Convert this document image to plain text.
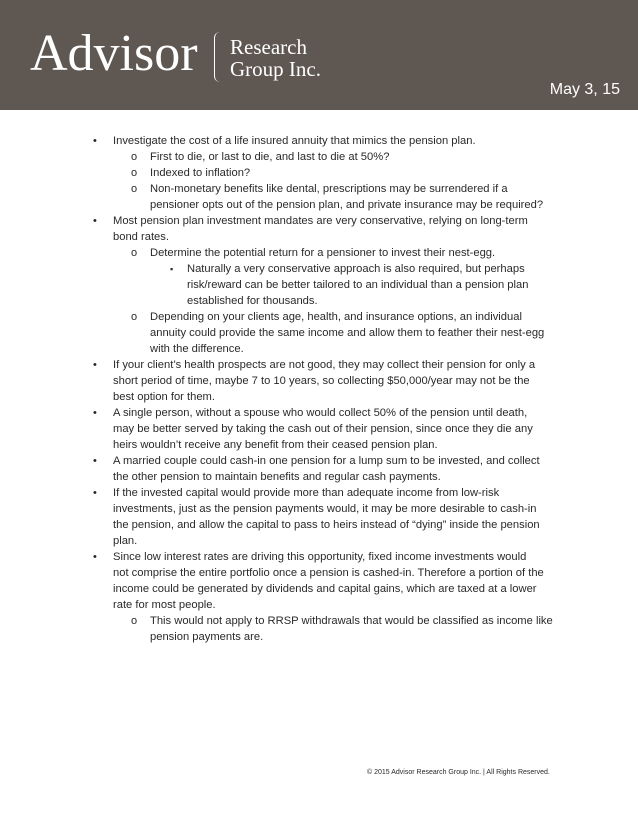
Advisor Research
Group Inc.
May 3, 15
• Investigate the cost of a life insured annuity that mimics the pension plan.
o First to die, or last to die, and last to die at 50%?
o Indexed to inflation?
o Non-monetary benefits like dental, prescriptions may be surrendered if a
pensioner opts out of the pension plan, and private insurance may be required?
• Most pension plan investment mandates are very conservative, relying on long-term
bond rates.
o Determine the potential return for a pensioner to invest their nest-egg.
▪ Naturally a very conservative approach is also required, but perhaps
risk/reward can be better tailored to an individual than a pension plan
established for thousands.
o Depending on your clients age, health, and insurance options, an individual
annuity could provide the same income and allow them to feather their nest-egg
with the difference.
• If your client’s health prospects are not good, they may collect their pension for only a
short period of time, maybe 7 to 10 years, so collecting $50,000/year may not be the
best option for them.
• A single person, without a spouse who would collect 50% of the pension until death,
may be better served by taking the cash out of their pension, since once they die any
heirs wouldn’t receive any benefit from their ceased pension plan.
• A married couple could cash-in one pension for a lump sum to be invested, and collect
the other pension to maintain benefits and regular cash payments.
• If the invested capital would provide more than adequate income from low-risk
investments, just as the pension payments would, it may be more desirable to cash-in
the pension, and allow the capital to pass to heirs instead of “dying” inside the pension
plan.
• Since low interest rates are driving this opportunity, fixed income investments would
not comprise the entire portfolio once a pension is cashed-in. Therefore a portion of the
income could be generated by dividends and capital gains, which are taxed at a lower
rate for most people.
o This would not apply to RRSP withdrawals that would be classified as income like
pension payments are.
© 2015 Advisor Research Group Inc. | All Rights Reserved.
